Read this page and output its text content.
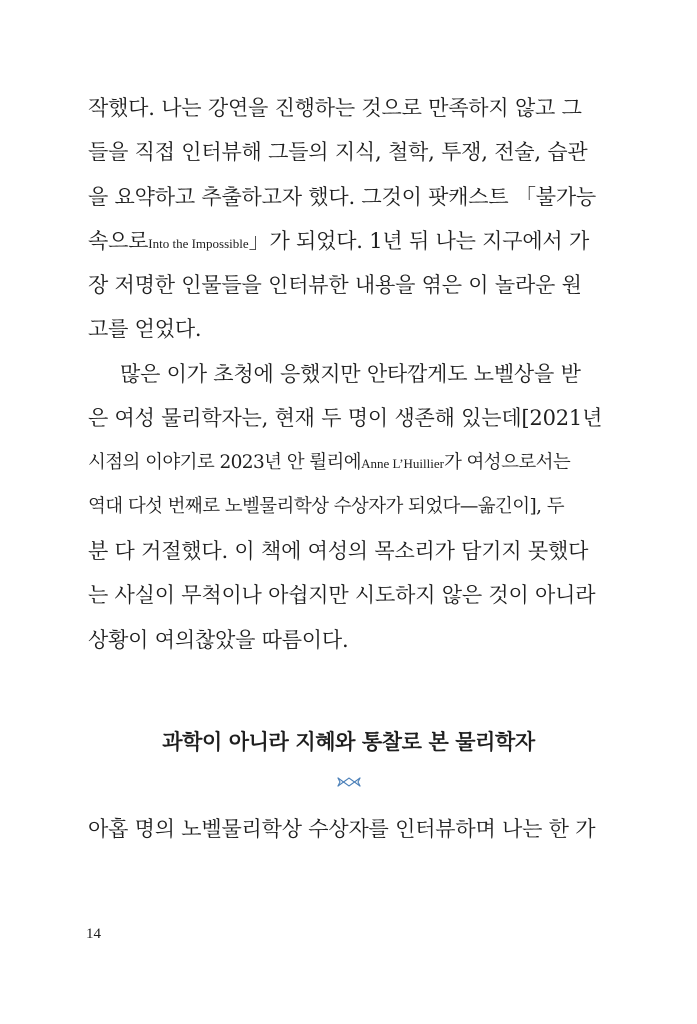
작했다. 나는 강연을 진행하는 것으로 만족하지 않고 그
들을 직접 인터뷰해 그들의 지식, 철학, 투쟁, 전술, 습관
을 요약하고 추출하고자 했다. 그것이 팟캐스트 「불가능
속으로Into the Impossible」가 되었다. 1년 뒤 나는 지구에서 가
장 저명한 인물들을 인터뷰한 내용을 엮은 이 놀라운 원
고를 얻었다.
많은 이가 초청에 응했지만 안타깝게도 노벨상을 받
은 여성 물리학자는, 현재 두 명이 생존해 있는데[2021년
시점의 이야기로 2023년 안 륄리에Anne L’Huillier가 여성으로서는
역대 다섯 번째로 노벨물리학상 수상자가 되었다—옮긴이], 두
분 다 거절했다. 이 책에 여성의 목소리가 담기지 못했다
는 사실이 무척이나 아쉽지만 시도하지 않은 것이 아니라
상황이 여의찮았을 따름이다.
과학이 아니라 지혜와 통찰로 본 물리학자
아홉 명의 노벨물리학상 수상자를 인터뷰하며 나는 한 가
14
